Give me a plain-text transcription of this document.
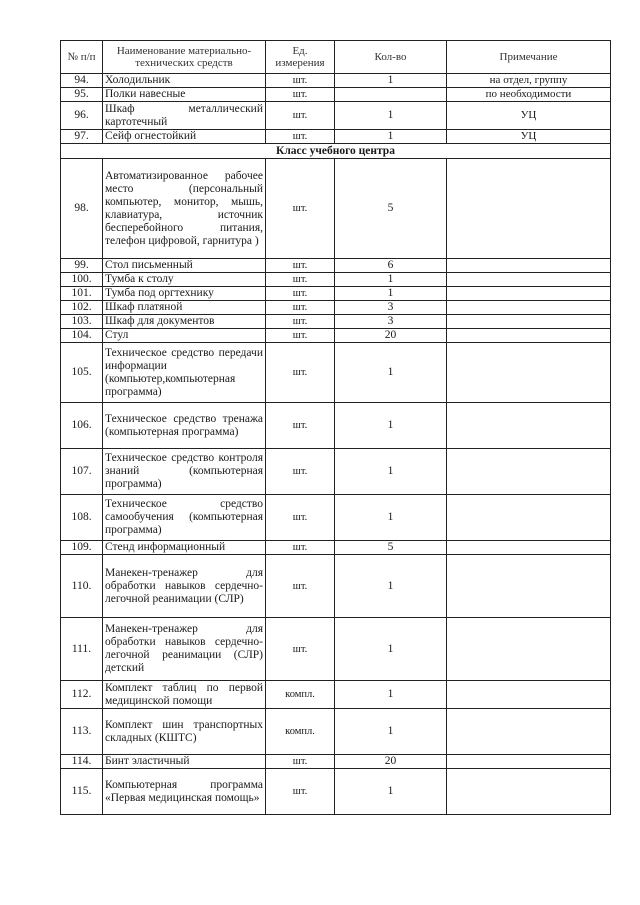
№ п/п	Наименование материально-технических средств	Ед. измерения	Кол-во	Примечание
94.	Холодильник	шт.	1	на отдел, группу
95.	Полки навесные	шт.		по необходимости
96.	Шкаф металлический картотечный	шт.	1	УЦ
97.	Сейф огнестойкий	шт.	1	УЦ
Класс учебного центра				
98.	Автоматизированное рабочее место (персональный компьютер, монитор, мышь, клавиатура, источник бесперебойного питания, телефон цифровой, гарнитура )	шт.	5	
99.	Стол письменный	шт.	6	
100.	Тумба к столу	шт.	1	
101.	Тумба под оргтехнику	шт.	1	
102.	Шкаф платяной	шт.	3	
103.	Шкаф для документов	шт.	3	
104.	Стул	шт.	20	
105.	Техническое средство передачи информации (компьютер,компьютерная программа)	шт.	1	
106.	Техническое средство тренажа (компьютерная программа)	шт.	1	
107.	Техническое средство контроля знаний (компьютерная программа)	шт.	1	
108.	Техническое средство самообучения (компьютерная программа)	шт.	1	
109.	Стенд информационный	шт.	5	
110.	Манекен-тренажер для обработки навыков сердечно-легочной реанимации (СЛР)	шт.	1	
111.	Манекен-тренажер для обработки навыков сердечно-легочной реанимации (СЛР) детский	шт.	1	
112.	Комплект таблиц по первой медицинской помощи	компл.	1	
113.	Комплект шин транспортных складных (КШТС)	компл.	1	
114.	Бинт эластичный	шт.	20	
115.	Компьютерная программа «Первая медицинская помощь»	шт.	1	
